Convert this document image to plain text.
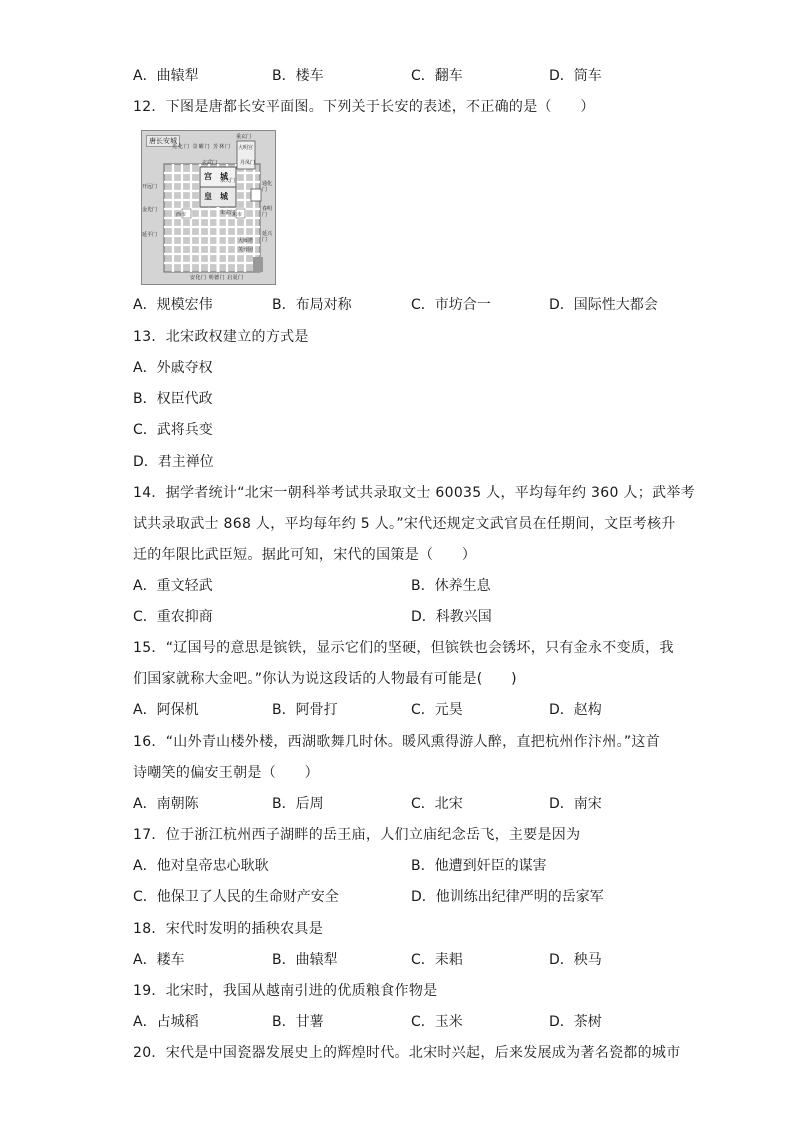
A．曲辕犁	B．楼车	C．翻车	D．筒车
12．下图是唐都长安平面图。下列关于长安的表述，不正确的是（　　）
唐长安城
宫　城
皇　城
大明宫
重玄门
光化门 景曜门 芳林门
玄武门
承天门
朱雀门
丹凤门
西市	东市
大雁塔
芙蓉园
开远门
金光门
延平门
通化门
春明门
延兴门
安化门 明德门 启夏门
A．规模宏伟	B．布局对称	C．市坊合一	D．国际性大都会
13．北宋政权建立的方式是
A．外戚夺权
B．权臣代政
C．武将兵变
D．君主禅位
14．据学者统计“北宋一朝科举考试共录取文士 60035 人，平均每年约 360 人；武举考
试共录取武士 868 人，平均每年约 5 人。”宋代还规定文武官员在任期间，文臣考核升
迁的年限比武臣短。据此可知，宋代的国策是（　　）
A．重文轻武	B．休养生息
C．重农抑商	D．科教兴国
15．“辽国号的意思是镔铁，显示它们的坚硬，但镔铁也会锈坏，只有金永不变质，我
们国家就称大金吧。”你认为说这段话的人物最有可能是(　　)
A．阿保机	B．阿骨打	C．元昊	D．赵构
16．“山外青山楼外楼，西湖歌舞几时休。暖风熏得游人醉，直把杭州作汴州。”这首
诗嘲笑的偏安王朝是（　　）
A．南朝陈	B．后周	C．北宋	D．南宋
17．位于浙江杭州西子湖畔的岳王庙，人们立庙纪念岳飞，主要是因为
A．他对皇帝忠心耿耿	B．他遭到奸臣的谋害
C．他保卫了人民的生命财产安全	D．他训练出纪律严明的岳家军
18．宋代时发明的插秧农具是
A．耧车	B．曲辕犁	C．耒耜	D．秧马
19．北宋时，我国从越南引进的优质粮食作物是
A．占城稻	B．甘薯	C．玉米	D．茶树
20．宋代是中国瓷器发展史上的辉煌时代。北宋时兴起，后来发展成为著名瓷都的城市
